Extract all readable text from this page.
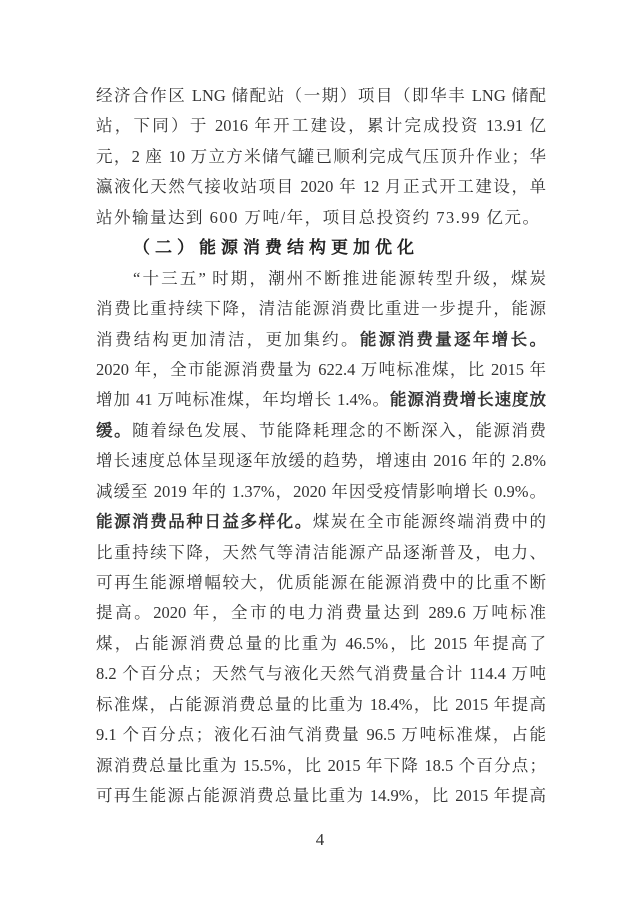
经济合作区 LNG 储配站（一期）项目（即华丰 LNG 储配
站，下同）于 2016 年开工建设，累计完成投资 13.91 亿
元，2 座 10 万立方米储气罐已顺利完成气压顶升作业；华
瀛液化天然气接收站项目 2020 年 12 月正式开工建设，单
站外输量达到 600 万吨/年，项目总投资约 73.99 亿元。
（二）能源消费结构更加优化
“十三五” 时期，潮州不断推进能源转型升级，煤炭
消费比重持续下降，清洁能源消费比重进一步提升，能源
消费结构更加清洁，更加集约。能源消费量逐年增长。
2020 年，全市能源消费量为 622.4 万吨标准煤，比 2015 年
增加 41 万吨标准煤，年均增长 1.4%。能源消费增长速度放
缓。随着绿色发展、节能降耗理念的不断深入，能源消费
增长速度总体呈现逐年放缓的趋势，增速由 2016 年的 2.8%
减缓至 2019 年的 1.37%，2020 年因受疫情影响增长 0.9%。
能源消费品种日益多样化。煤炭在全市能源终端消费中的
比重持续下降，天然气等清洁能源产品逐渐普及，电力、
可再生能源增幅较大，优质能源在能源消费中的比重不断
提高。2020 年，全市的电力消费量达到 289.6 万吨标准
煤，占能源消费总量的比重为 46.5%，比 2015 年提高了
8.2 个百分点；天然气与液化天然气消费量合计 114.4 万吨
标准煤，占能源消费总量的比重为 18.4%，比 2015 年提高
9.1 个百分点；液化石油气消费量 96.5 万吨标准煤，占能
源消费总量比重为 15.5%，比 2015 年下降 18.5 个百分点；
可再生能源占能源消费总量比重为 14.9%，比 2015 年提高
4
